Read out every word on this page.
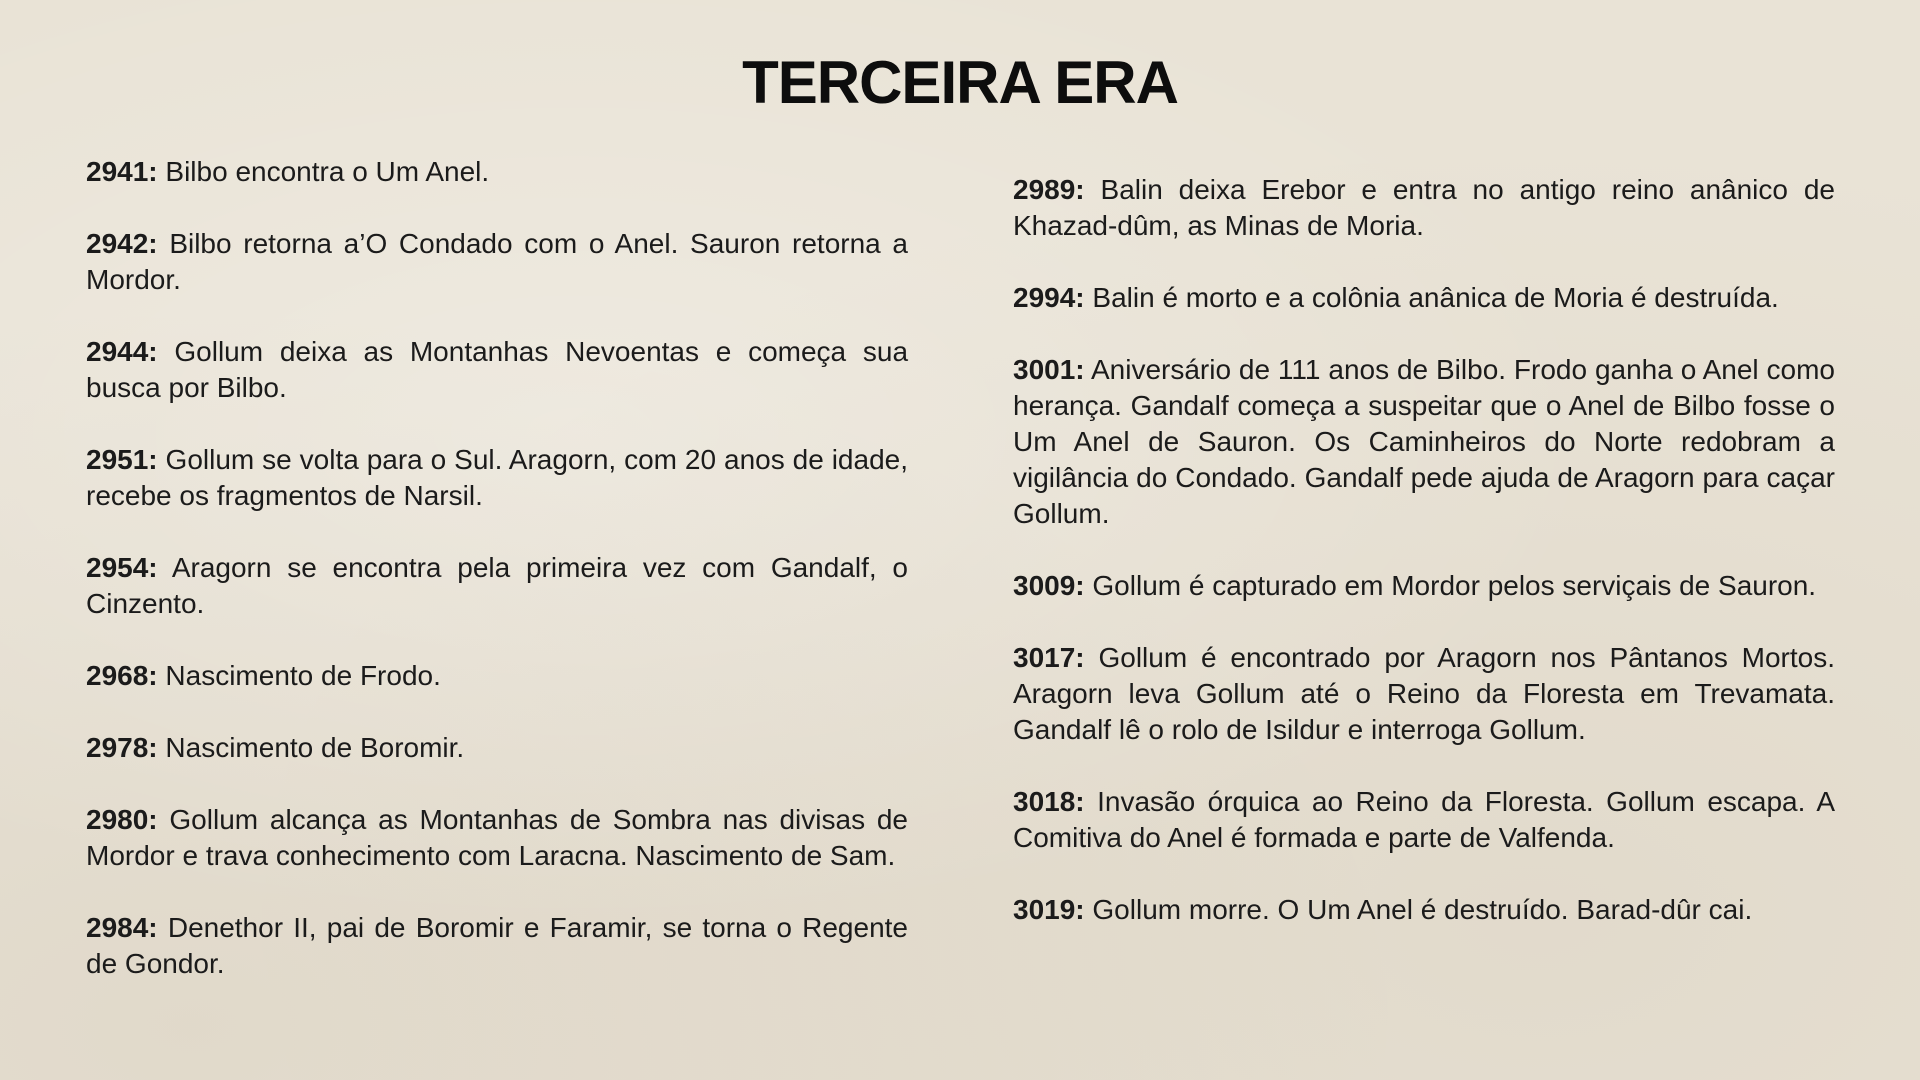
TERCEIRA ERA

2941: Bilbo encontra o Um Anel.

2942: Bilbo retorna a’O Condado com o Anel. Sauron retorna a Mordor.

2944: Gollum deixa as Montanhas Nevoentas e começa sua busca por Bilbo.

2951: Gollum se volta para o Sul. Aragorn, com 20 anos de idade, recebe os fragmentos de Narsil.

2954: Aragorn se encontra pela primeira vez com Gandalf, o Cinzento.

2968: Nascimento de Frodo.

2978: Nascimento de Boromir.

2980: Gollum alcança as Montanhas de Sombra nas divisas de Mordor e trava conhecimento com Laracna. Nascimento de Sam.

2984: Denethor II, pai de Boromir e Faramir, se torna o Regente de Gondor.

2989: Balin deixa Erebor e entra no antigo reino anânico de Khazad-dûm, as Minas de Moria.

2994: Balin é morto e a colônia anânica de Moria é destruída.

3001: Aniversário de 111 anos de Bilbo. Frodo ganha o Anel como herança. Gandalf começa a suspeitar que o Anel de Bilbo fosse o Um Anel de Sauron. Os Caminheiros do Norte redobram a vigilância do Condado. Gandalf pede ajuda de Aragorn para caçar Gollum.

3009: Gollum é capturado em Mordor pelos serviçais de Sauron.

3017: Gollum é encontrado por Aragorn nos Pântanos Mortos. Aragorn leva Gollum até o Reino da Floresta em Trevamata. Gandalf lê o rolo de Isildur e interroga Gollum.

3018: Invasão órquica ao Reino da Floresta. Gollum escapa. A Comitiva do Anel é formada e parte de Valfenda.

3019: Gollum morre. O Um Anel é destruído. Barad-dûr cai.
